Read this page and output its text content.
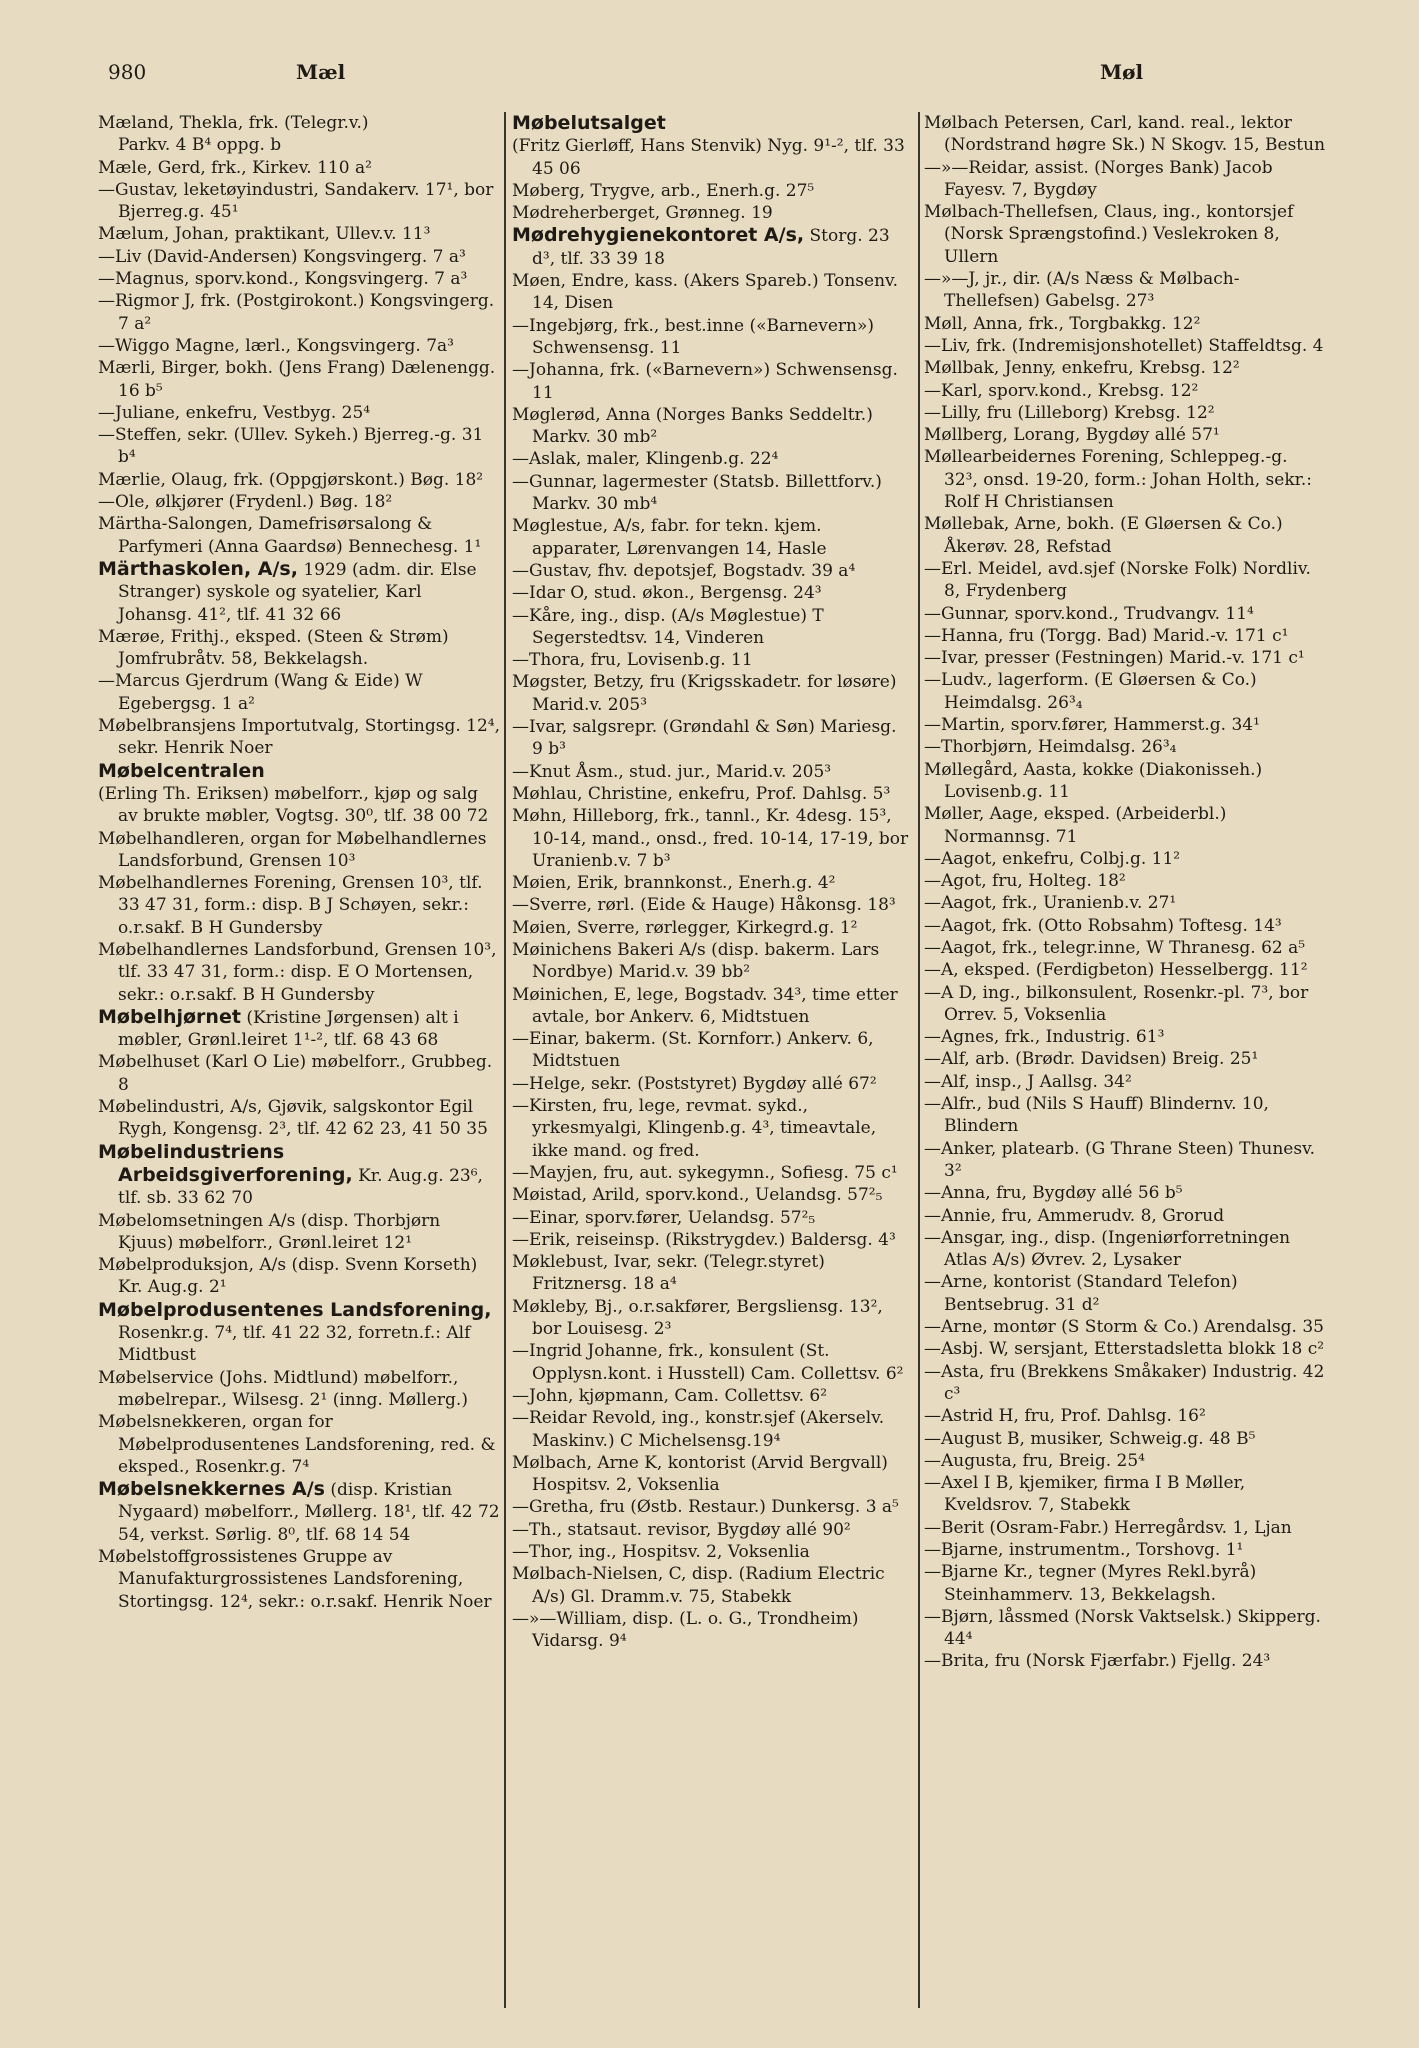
980	Mæl	Møl
Mæland, Thekla, frk. (Telegr.v.)
Parkv. 4 B⁴ oppg. b
Mæle, Gerd, frk., Kirkev. 110 a²
—Gustav, leketøyindustri, Sandakerv. 17¹, bor Bjerreg.g. 45¹
Mælum, Johan, praktikant, Ullev.v. 11³
—Liv (David-Andersen) Kongsvingerg. 7 a³
—Magnus, sporv.kond., Kongsvingerg. 7 a³
—Rigmor J, frk. (Postgirokont.) Kongsvingerg. 7 a²
—Wiggo Magne, lærl., Kongsvingerg. 7a³
Mærli, Birger, bokh. (Jens Frang) Dælenengg. 16 b⁵
—Juliane, enkefru, Vestbyg. 25⁴
—Steffen, sekr. (Ullev. Sykeh.) Bjerreg.-g. 31 b⁴
Mærlie, Olaug, frk. (Oppgjørskont.) Bøg. 18²
—Ole, ølkjører (Frydenl.) Bøg. 18²
Märtha-Salongen, Damefrisørsalong & Parfymeri (Anna Gaardsø) Bennechesg. 1¹
Märthaskolen, A/s, 1929 (adm. dir. Else Stranger) syskole og syatelier, Karl Johansg. 41², tlf. 41 32 66
Mærøe, Frithj., eksped. (Steen & Strøm) Jomfrubråtv. 58, Bekkelagsh.
—Marcus Gjerdrum (Wang & Eide) W Egebergsg. 1 a²
Møbelbransjens Importutvalg, Stortingsg. 12⁴, sekr. Henrik Noer
Møbelcentralen
(Erling Th. Eriksen) møbelforr., kjøp og salg av brukte møbler, Vogtsg. 30⁰, tlf. 38 00 72
Møbelhandleren, organ for Møbelhandlernes Landsforbund, Grensen 10³
Møbelhandlernes Forening, Grensen 10³, tlf. 33 47 31, form.: disp. B J Schøyen, sekr.: o.r.sakf. B H Gundersby
Møbelhandlernes Landsforbund, Grensen 10³, tlf. 33 47 31, form.: disp. E O Mortensen, sekr.: o.r.sakf. B H Gundersby
Møbelhjørnet (Kristine Jørgensen) alt i møbler, Grønl.leiret 1¹-², tlf. 68 43 68
Møbelhuset (Karl O Lie) møbelforr., Grubbeg. 8
Møbelindustri, A/s, Gjøvik, salgskontor Egil Rygh, Kongensg. 2³, tlf. 42 62 23, 41 50 35
Møbelindustriens Arbeidsgiverforening, Kr. Aug.g. 23⁶, tlf. sb. 33 62 70
Møbelomsetningen A/s (disp. Thorbjørn Kjuus) møbelforr., Grønl.leiret 12¹
Møbelproduksjon, A/s (disp. Svenn Korseth) Kr. Aug.g. 2¹
Møbelprodusentenes Landsforening, Rosenkr.g. 7⁴, tlf. 41 22 32, forretn.f.: Alf Midtbust
Møbelservice (Johs. Midtlund) møbelforr., møbelrepar., Wilsesg. 2¹ (inng. Møllerg.)
Møbelsnekkeren, organ for Møbelprodusentenes Landsforening, red. & eksped., Rosenkr.g. 7⁴
Møbelsnekkernes A/s (disp. Kristian Nygaard) møbelforr., Møllerg. 18¹, tlf. 42 72 54, verkst. Sørlig. 8⁰, tlf. 68 14 54
Møbelstoffgrossistenes Gruppe av Manufakturgrossistenes Landsforening, Stortingsg. 12⁴, sekr.: o.r.sakf. Henrik Noer
Møbelutsalget
(Fritz Gierløff, Hans Stenvik) Nyg. 9¹-², tlf. 33 45 06
Møberg, Trygve, arb., Enerh.g. 27⁵
Mødreherberget, Grønneg. 19
Mødrehygienekontoret A/s, Storg. 23 d³, tlf. 33 39 18
Møen, Endre, kass. (Akers Spareb.) Tonsenv. 14, Disen
—Ingebjørg, frk., best.inne («Barnevern») Schwensensg. 11
—Johanna, frk. («Barnevern») Schwensensg. 11
Møglerød, Anna (Norges Banks Seddeltr.) Markv. 30 mb²
—Aslak, maler, Klingenb.g. 22⁴
—Gunnar, lagermester (Statsb. Billettforv.) Markv. 30 mb⁴
Møglestue, A/s, fabr. for tekn. kjem. apparater, Lørenvangen 14, Hasle
—Gustav, fhv. depotsjef, Bogstadv. 39 a⁴
—Idar O, stud. økon., Bergensg. 24³
—Kåre, ing., disp. (A/s Møglestue) T Segerstedtsv. 14, Vinderen
—Thora, fru, Lovisenb.g. 11
Møgster, Betzy, fru (Krigsskadetr. for løsøre) Marid.v. 205³
—Ivar, salgsrepr. (Grøndahl & Søn) Mariesg. 9 b³
—Knut Åsm., stud. jur., Marid.v. 205³
Møhlau, Christine, enkefru, Prof. Dahlsg. 5³
Møhn, Hilleborg, frk., tannl., Kr. 4desg. 15³, 10-14, mand., onsd., fred. 10-14, 17-19, bor Uranienb.v. 7 b³
Møien, Erik, brannkonst., Enerh.g. 4²
—Sverre, rørl. (Eide & Hauge) Håkonsg. 18³
Møien, Sverre, rørlegger, Kirkegrd.g. 1²
Møinichens Bakeri A/s (disp. bakerm. Lars Nordbye) Marid.v. 39 bb²
Møinichen, E, lege, Bogstadv. 34³, time etter avtale, bor Ankerv. 6, Midtstuen
—Einar, bakerm. (St. Kornforr.) Ankerv. 6, Midtstuen
—Helge, sekr. (Poststyret) Bygdøy allé 67²
—Kirsten, fru, lege, revmat. sykd., yrkesmyalgi, Klingenb.g. 4³, timeavtale, ikke mand. og fred.
—Mayjen, fru, aut. sykegymn., Sofiesg. 75 c¹
Møistad, Arild, sporv.kond., Uelandsg. 57²₅
—Einar, sporv.fører, Uelandsg. 57²₅
—Erik, reiseinsp. (Rikstrygdev.) Baldersg. 4³
Møklebust, Ivar, sekr. (Telegr.styret) Fritznersg. 18 a⁴
Møkleby, Bj., o.r.sakfører, Bergsliensg. 13², bor Louisesg. 2³
—Ingrid Johanne, frk., konsulent (St. Opplysn.kont. i Husstell) Cam. Collettsv. 6²
—John, kjøpmann, Cam. Collettsv. 6²
—Reidar Revold, ing., konstr.sjef (Akerselv. Maskinv.) C Michelsensg.19⁴
Mølbach, Arne K, kontorist (Arvid Bergvall) Hospitsv. 2, Voksenlia
—Gretha, fru (Østb. Restaur.) Dunkersg. 3 a⁵
—Th., statsaut. revisor, Bygdøy allé 90²
—Thor, ing., Hospitsv. 2, Voksenlia
Mølbach-Nielsen, C, disp. (Radium Electric A/s) Gl. Dramm.v. 75, Stabekk
—»—William, disp. (L. o. G., Trondheim) Vidarsg. 9⁴
Mølbach Petersen, Carl, kand. real., lektor (Nordstrand høgre Sk.) N Skogv. 15, Bestun
—»—Reidar, assist. (Norges Bank) Jacob Fayesv. 7, Bygdøy
Mølbach-Thellefsen, Claus, ing., kontorsjef (Norsk Sprængstofind.) Veslekroken 8, Ullern
—»—J, jr., dir. (A/s Næss & Mølbach-Thellefsen) Gabelsg. 27³
Møll, Anna, frk., Torgbakkg. 12²
—Liv, frk. (Indremisjonshotellet) Staffeldtsg. 4
Møllbak, Jenny, enkefru, Krebsg. 12²
—Karl, sporv.kond., Krebsg. 12²
—Lilly, fru (Lilleborg) Krebsg. 12²
Møllberg, Lorang, Bygdøy allé 57¹
Møllearbeidernes Forening, Schleppeg.-g. 32³, onsd. 19-20, form.: Johan Holth, sekr.: Rolf H Christiansen
Møllebak, Arne, bokh. (E Gløersen & Co.) Åkerøv. 28, Refstad
—Erl. Meidel, avd.sjef (Norske Folk) Nordliv. 8, Frydenberg
—Gunnar, sporv.kond., Trudvangv. 11⁴
—Hanna, fru (Torgg. Bad) Marid.-v. 171 c¹
—Ivar, presser (Festningen) Marid.-v. 171 c¹
—Ludv., lagerform. (E Gløersen & Co.) Heimdalsg. 26³₄
—Martin, sporv.fører, Hammerst.g. 34¹
—Thorbjørn, Heimdalsg. 26³₄
Møllegård, Aasta, kokke (Diakonisseh.) Lovisenb.g. 11
Møller, Aage, eksped. (Arbeiderbl.) Normannsg. 71
—Aagot, enkefru, Colbj.g. 11²
—Agot, fru, Holteg. 18²
—Aagot, frk., Uranienb.v. 27¹
—Aagot, frk. (Otto Robsahm) Toftesg. 14³
—Aagot, frk., telegr.inne, W Thranesg. 62 a⁵
—A, eksped. (Ferdigbeton) Hesselbergg. 11²
—A D, ing., bilkonsulent, Rosenkr.-pl. 7³, bor Orrev. 5, Voksenlia
—Agnes, frk., Industrig. 61³
—Alf, arb. (Brødr. Davidsen) Breig. 25¹
—Alf, insp., J Aallsg. 34²
—Alfr., bud (Nils S Hauff) Blindernv. 10, Blindern
—Anker, platearb. (G Thrane Steen) Thunesv. 3²
—Anna, fru, Bygdøy allé 56 b⁵
—Annie, fru, Ammerudv. 8, Grorud
—Ansgar, ing., disp. (Ingeniørforretningen Atlas A/s) Øvrev. 2, Lysaker
—Arne, kontorist (Standard Telefon) Bentsebrug. 31 d²
—Arne, montør (S Storm & Co.) Arendalsg. 35
—Asbj. W, sersjant, Etterstadsletta blokk 18 c²
—Asta, fru (Brekkens Småkaker) Industrig. 42 c³
—Astrid H, fru, Prof. Dahlsg. 16²
—August B, musiker, Schweig.g. 48 B⁵
—Augusta, fru, Breig. 25⁴
—Axel I B, kjemiker, firma I B Møller, Kveldsrov. 7, Stabekk
—Berit (Osram-Fabr.) Herregårdsv. 1, Ljan
—Bjarne, instrumentm., Torshovg. 1¹
—Bjarne Kr., tegner (Myres Rekl.byrå) Steinhammerv. 13, Bekkelagsh.
—Bjørn, låssmed (Norsk Vaktselsk.) Skipperg. 44⁴
—Brita, fru (Norsk Fjærfabr.) Fjellg. 24³
